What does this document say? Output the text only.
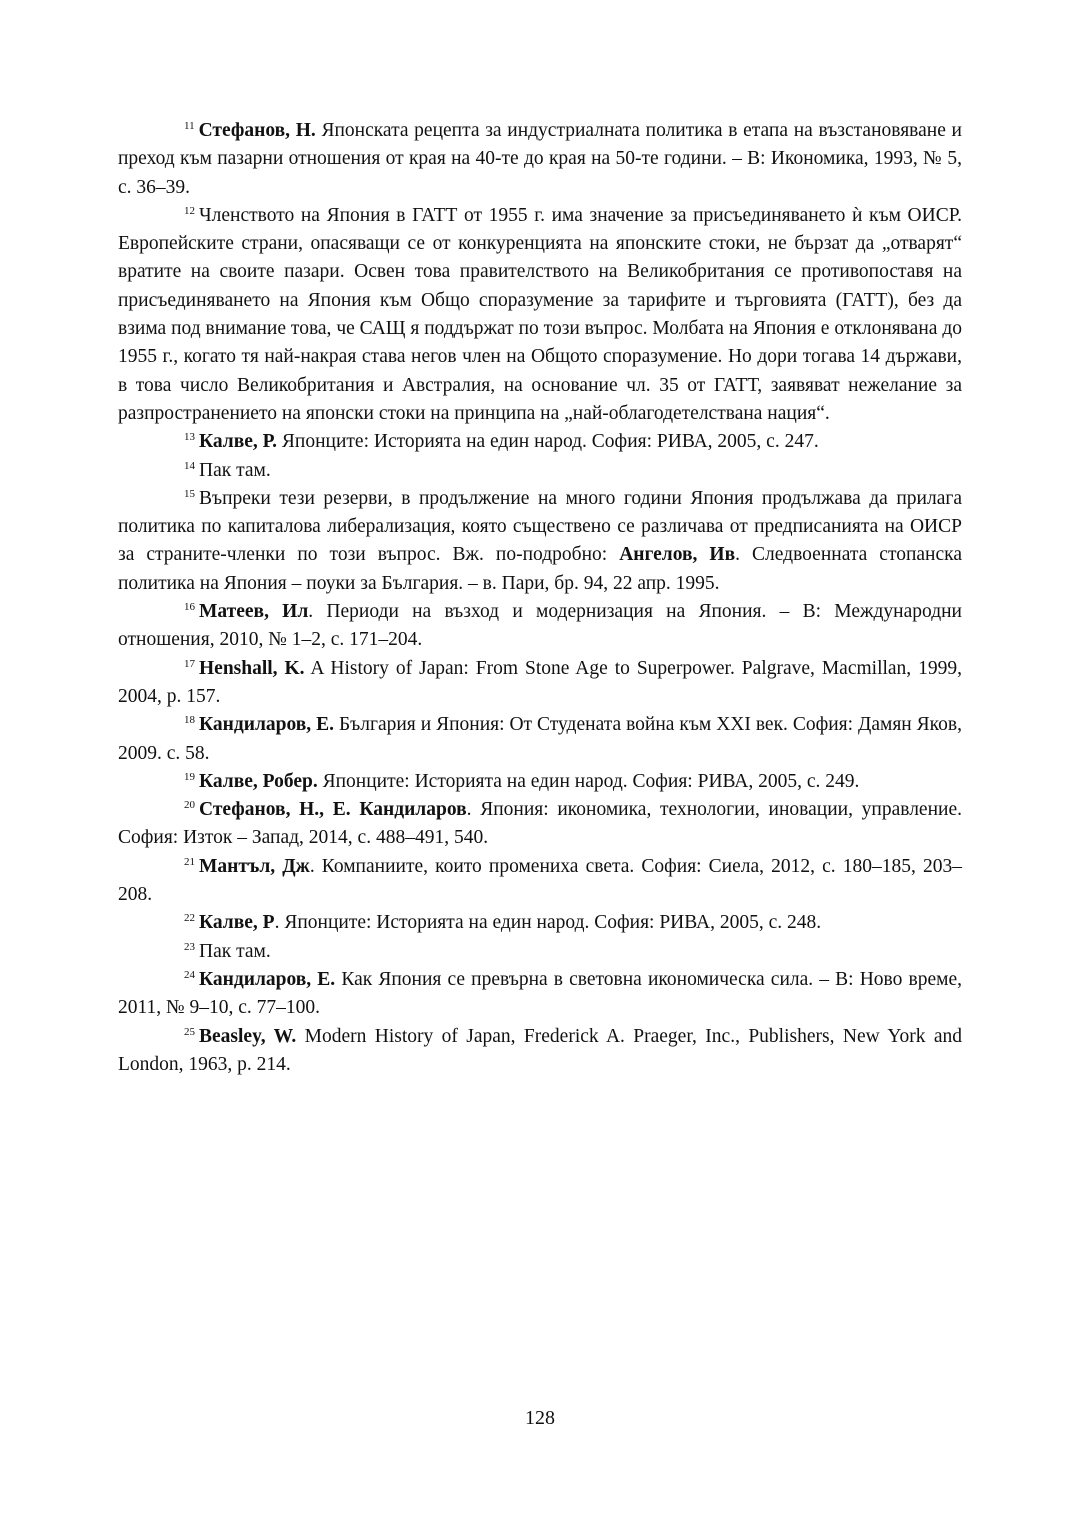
$^{11}$ Стефанов, Н. Японската рецепта за индустриалната политика в етапа на възстановяване и преход към пазарни отношения от края на 40-те до края на 50-те години. – В: Икономика, 1993, № 5, с. 36–39.

$^{12}$ Членството на Япония в ГАТТ от 1955 г. има значение за присъединяването ѝ към ОИСР. Европейските страни, опасяващи се от конкуренцията на японските стоки, не бързат да „отварят“ вратите на своите пазари. Освен това правителството на Великобритания се противопоставя на присъединяването на Япония към Общо споразумение за тарифите и търговията (ГАТТ), без да взима под внимание това, че САЩ я поддържат по този въпрос. Молбата на Япония е отклонявана до 1955 г., когато тя най-накрая става негов член на Общото споразумение. Но дори тогава 14 държави, в това число Великобритания и Австралия, на основание чл. 35 от ГАТТ, заявяват нежелание за разпространението на японски стоки на принципа на „най-облагодетелствана нация“.

$^{13}$ Калве, Р. Японците: Историята на един народ. София: РИВА, 2005, с. 247.

$^{14}$ Пак там.

$^{15}$ Въпреки тези резерви, в продължение на много години Япония продължава да прилага политика по капиталова либерализация, която съществено се различава от предписанията на ОИСР за страните-членки по този въпрос. Вж. по-подробно: Ангелов, Ив. Следвоенната стопанска политика на Япония – поуки за България. – в. Пари, бр. 94, 22 апр. 1995.

$^{16}$ Матеев, Ил. Периоди на възход и модернизация на Япония. – В: Международни отношения, 2010, № 1–2, с. 171–204.

$^{17}$ Henshall, K. A History of Japan: From Stone Age to Superpower. Palgrave, Macmillan, 1999, 2004, p. 157.

$^{18}$ Кандиларов, Е. България и Япония: От Студената война към XXI век. София: Дамян Яков, 2009. с. 58.

$^{19}$ Калве, Робер. Японците: Историята на един народ. София: РИВА, 2005, с. 249.

$^{20}$ Стефанов, Н., Е. Кандиларов. Япония: икономика, технологии, иновации, управление. София: Изток – Запад, 2014, с. 488–491, 540.

$^{21}$ Мантъл, Дж. Компаниите, които промениха света. София: Сиела, 2012, с. 180–185, 203–208.

$^{22}$ Калве, Р. Японците: Историята на един народ. София: РИВА, 2005, с. 248.

$^{23}$ Пак там.

$^{24}$ Кандиларов, Е. Как Япония се превърна в световна икономическа сила. – В: Ново време, 2011, № 9–10, с. 77–100.

$^{25}$ Beasley, W. Modern History of Japan, Frederick A. Praeger, Inc., Publishers, New York and London, 1963, p. 214.

128
